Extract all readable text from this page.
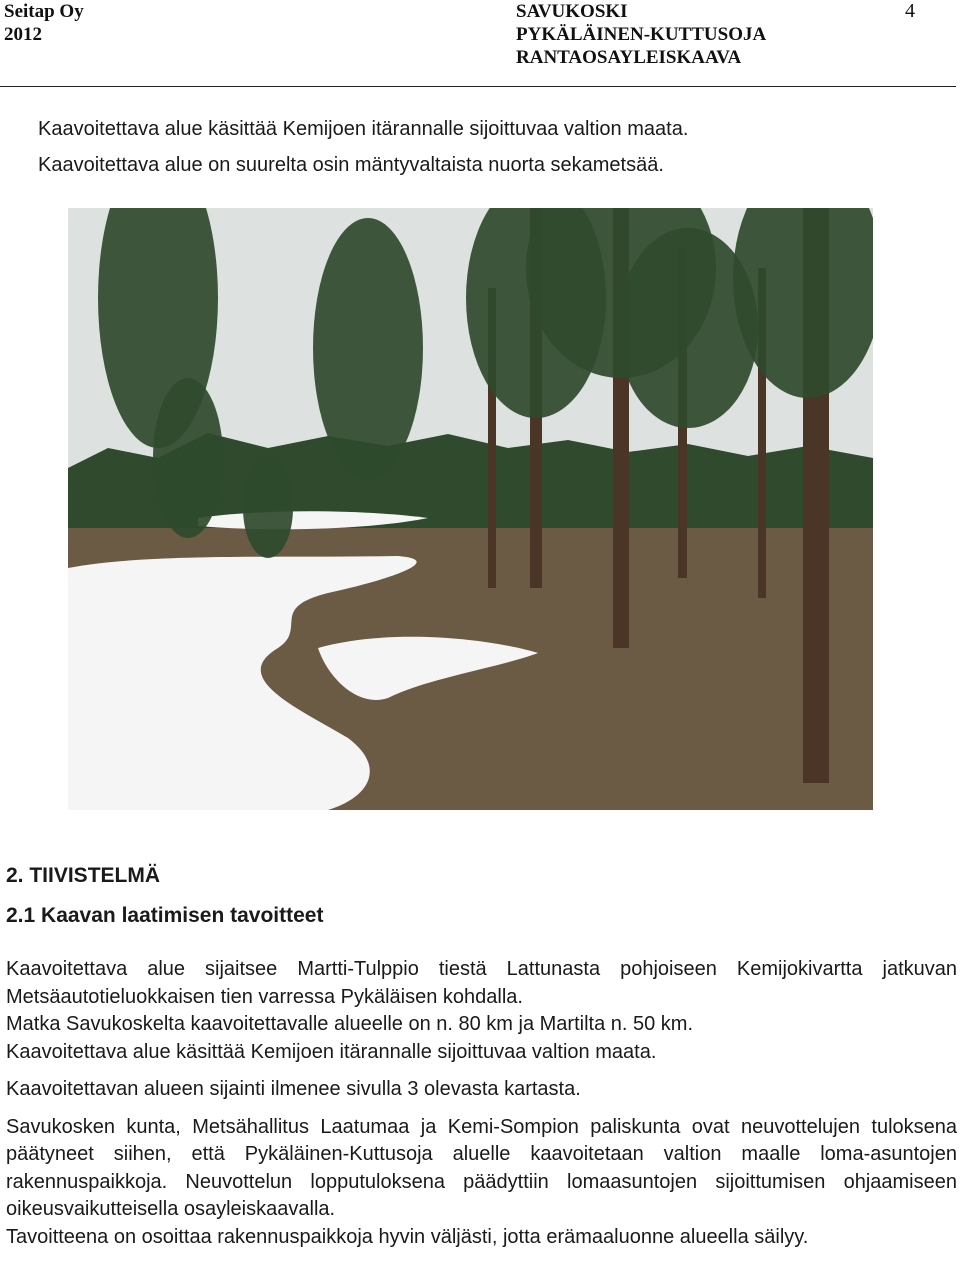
Seitap Oy
2012
SAVUKOSKI
PYKÄLÄINEN-KUTTUSOJA
RANTAOSAYLEISKAAVA
4

Kaavoitettava alue käsittää Kemijoen itärannalle sijoittuvaa valtion maata.

Kaavoitettava alue on suurelta osin mäntyvaltaista nuorta sekametsää.

2. TIIVISTELMÄ
2.1 Kaavan laatimisen tavoitteet

Kaavoitettava alue sijaitsee Martti-Tulppio tiestä Lattunasta pohjoiseen Kemijokivartta jatkuvan Metsäautotieluokkaisen tien varressa Pykäläisen kohdalla.

Matka Savukoskelta kaavoitettavalle alueelle on n. 80 km ja Martilta n. 50 km.

Kaavoitettava alue käsittää Kemijoen itärannalle sijoittuvaa valtion maata.

Kaavoitettavan alueen sijainti ilmenee sivulla 3 olevasta kartasta.

Savukosken kunta, Metsähallitus Laatumaa ja Kemi-Sompion paliskunta ovat neuvottelujen tuloksena päätyneet siihen, että Pykäläinen-Kuttusoja aluelle kaavoitetaan valtion maalle loma-asuntojen rakennuspaikkoja. Neuvottelun lopputuloksena päädyttiin lomaasuntojen sijoittumisen ohjaamiseen oikeusvaikutteisella osayleiskaavalla.

Tavoitteena on osoittaa rakennuspaikkoja hyvin väljästi, jotta erämaaluonne alueella säilyy.
